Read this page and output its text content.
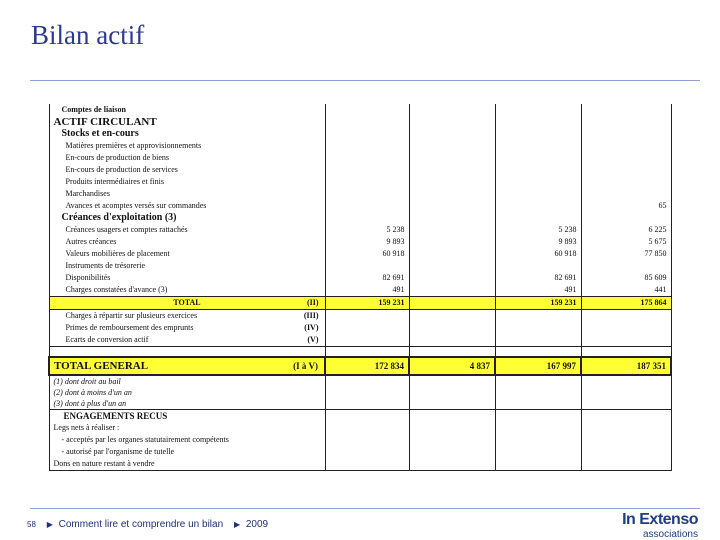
Bilan actif
Comptes de liaison				
ACTIF CIRCULANT				
Stocks et en-cours				
Matières premières et approvisionnements				
En-cours de production de biens				
En-cours de production de services				
Produits intermédiaires et finis				
Marchandises				
Avances et acomptes versés sur commandes				65
Créances d'exploitation (3)				
Créances usagers et comptes rattachés	5 238		5 238	6 225
Autres créances	9 893		9 893	5 675
Valeurs mobilières de placement	60 918		60 918	77 850
Instruments de trésorerie				
Disponibilités	82 691		82 691	85 609
Charges constatées d'avance (3)	491		491	441
TOTAL (II)	159 231		159 231	175 864
Charges à répartir sur plusieurs exercices (III)				

Primes de remboursement des emprunts (IV)				

Ecarts de conversion actif (V)				

TOTAL GENERAL (I à V)	172 834	4 837	167 997	187 351
(1) dont droit au bail				
(2) dont à moins d'un an				
(3) dont à plus d'un an				
ENGAGEMENTS RECUS				
Legs nets à réaliser :				
- acceptés par les organes statutairement compétents				
- autorisé par l'organisme de tutelle				
Dons en nature restant à vendre				
58 ▶ Comment lire et comprendre un bilan ▶ 2009	In Extenso
associations
